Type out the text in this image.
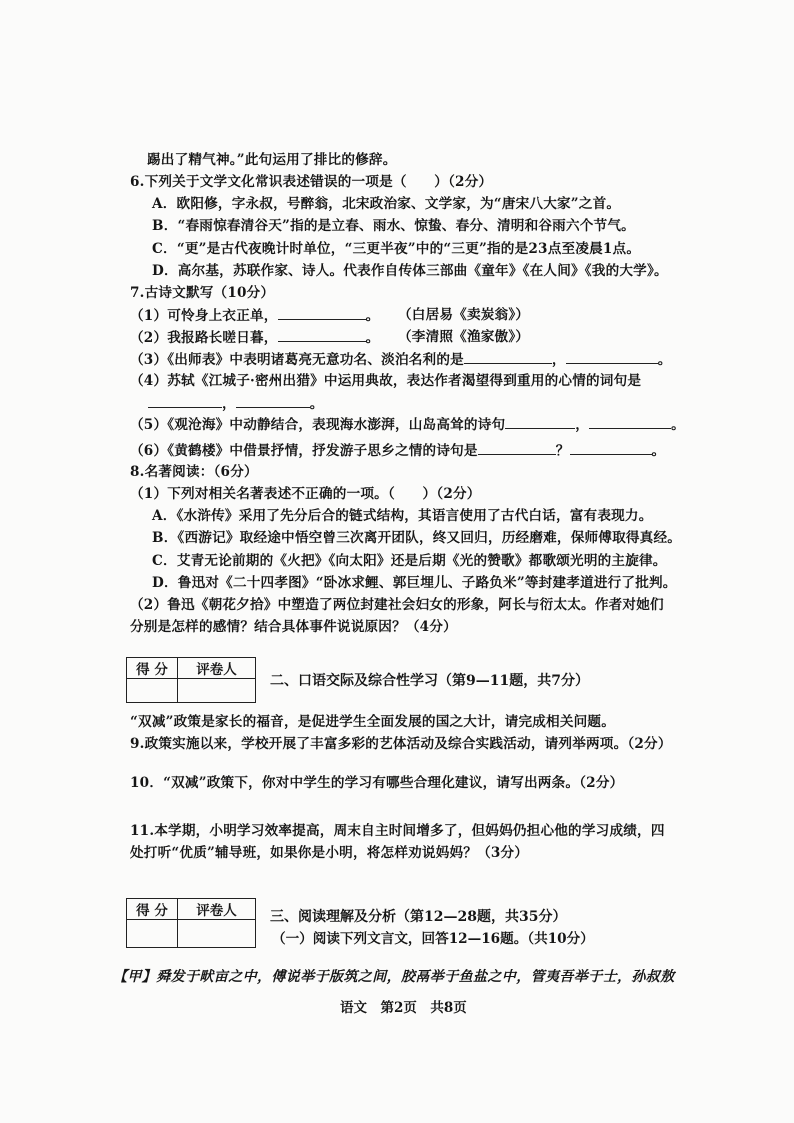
踢出了精气神。”此句运用了排比的修辞。
6.下列关于文学文化常识表述错误的一项是（　　）（2分）
A．欧阳修，字永叔，号醉翁，北宋政治家、文学家，为“唐宋八大家”之首。
B．“春雨惊春清谷天”指的是立春、雨水、惊蛰、春分、清明和谷雨六个节气。
C．“更”是古代夜晚计时单位，“三更半夜”中的“三更”指的是23点至凌晨1点。
D．高尔基，苏联作家、诗人。代表作自传体三部曲《童年》《在人间》《我的大学》。
7.古诗文默写（10分）
（1）可怜身上衣正单，	。 （白居易《卖炭翁》）
（2）我报路长嗟日暮，	。 （李清照《渔家傲》）
（3）《出师表》中表明诸葛亮无意功名、淡泊名利的是	，	。
（4）苏轼《江城子·密州出猎》中运用典故，表达作者渴望得到重用的心情的词句是
，	。
（5）《观沧海》中动静结合，表现海水澎湃，山岛高耸的诗句	，	。
（6）《黄鹤楼》中借景抒情，抒发游子思乡之情的诗句是	？	。
8.名著阅读：（6分）
（1）下列对相关名著表述不正确的一项。（　　）（2分）
A．《水浒传》采用了先分后合的链式结构，其语言使用了古代白话，富有表现力。
B．《西游记》取经途中悟空曾三次离开团队，终又回归，历经磨难，保师傅取得真经。
C．艾青无论前期的《火把》《向太阳》还是后期《光的赞歌》都歌颂光明的主旋律。
D．鲁迅对《二十四孝图》“卧冰求鲤、郭巨埋儿、子路负米”等封建孝道进行了批判。
（2）鲁迅《朝花夕拾》中塑造了两位封建社会妇女的形象，阿长与衍太太。作者对她们
分别是怎样的感情？结合具体事件说说原因？（4分）
得 分	评卷人

二、口语交际及综合性学习（第9—11题，共7分）
“双减”政策是家长的福音，是促进学生全面发展的国之大计，请完成相关问题。
9.政策实施以来，学校开展了丰富多彩的艺体活动及综合实践活动，请列举两项。（2分）
10．“双减”政策下，你对中学生的学习有哪些合理化建议，请写出两条。（2分）
11.本学期，小明学习效率提高，周末自主时间增多了，但妈妈仍担心他的学习成绩，四
处打听“优质”辅导班，如果你是小明，将怎样劝说妈妈？（3分）
得 分	评卷人
	三、阅读理解及分析（第12—28题，共35分）
（一）阅读下列文言文，回答12—16题。（共10分）
【甲】舜发于畎亩之中，傅说举于版筑之间，胶鬲举于鱼盐之中，管夷吾举于士，孙叔敖
语文　第2页　共8页
